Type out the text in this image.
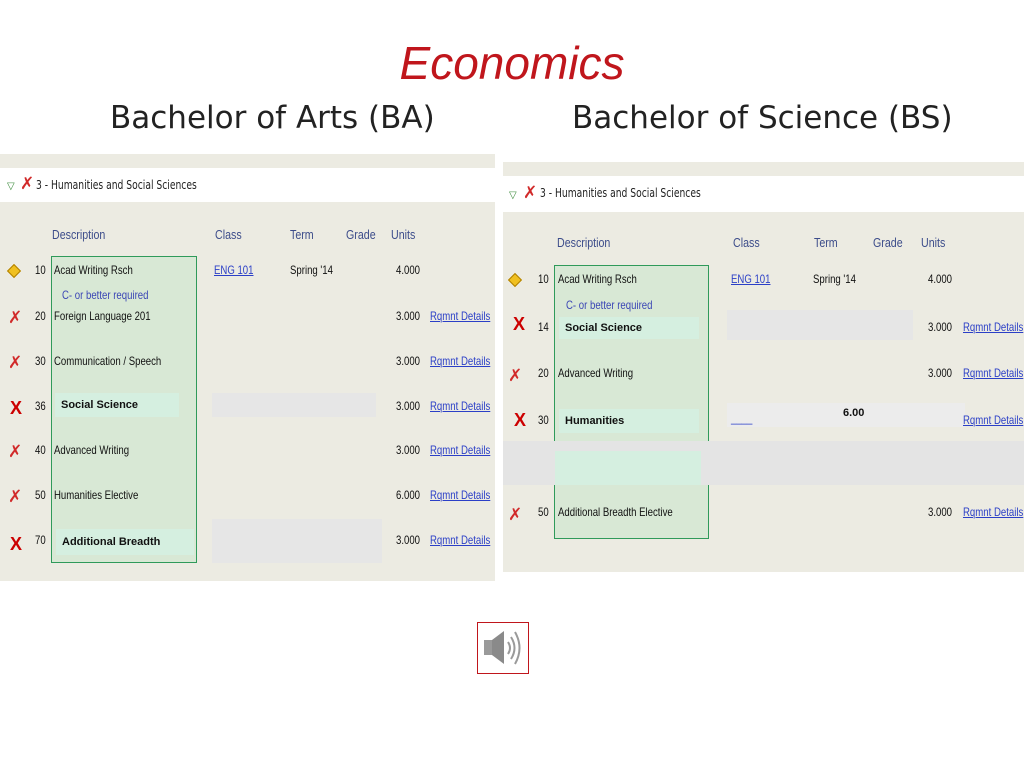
Economics
Bachelor of Arts (BA)	Bachelor of Science (BS)
▽ ✗ 3 - Humanities and Social Sciences
Description	Class	Term Grade Units
10 Acad Writing Rsch	ENG 101	Spring '14	4.000
C- or better required
✗ 20 Foreign Language 201	3.000 Rqmnt Details
✗ 30 Communication / Speech	3.000 Rqmnt Details
X 36	Social Science	3.000 Rqmnt Details
✗ 40 Advanced Writing	3.000 Rqmnt Details
✗ 50 Humanities Elective	6.000 Rqmnt Details
X 70	Additional Breadth	3.000 Rqmnt Details
▽ ✗ 3 - Humanities and Social Sciences
Description	Class	Term	Grade Units
10 Acad Writing Rsch	ENG 101	Spring '14	4.000
C- or better required
X 14	Social Science	3.000 Rqmnt Details
✗ 20 Advanced Writing	3.000 Rqmnt Details
X 30	Humanities	____	6.00	Rqmnt Details
✗ 50 Additional Breadth Elective	3.000 Rqmnt Details
